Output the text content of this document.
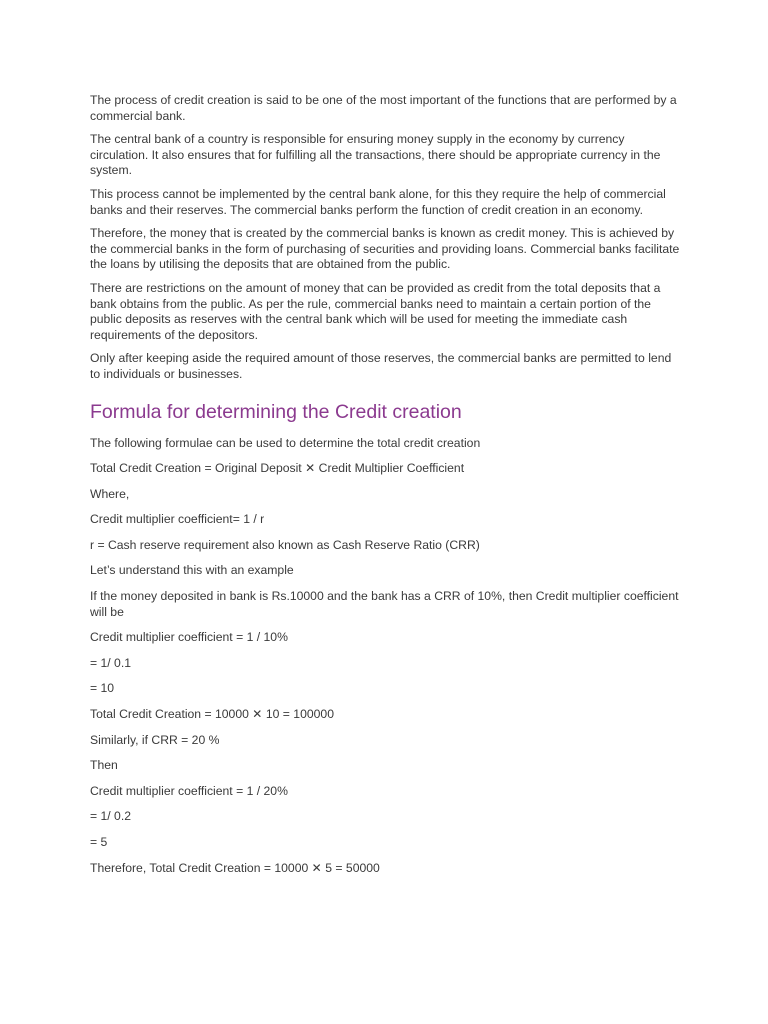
The process of credit creation is said to be one of the most important of the functions that are performed by a commercial bank.

The central bank of a country is responsible for ensuring money supply in the economy by currency circulation. It also ensures that for fulfilling all the transactions, there should be appropriate currency in the system.

This process cannot be implemented by the central bank alone, for this they require the help of commercial banks and their reserves. The commercial banks perform the function of credit creation in an economy.

Therefore, the money that is created by the commercial banks is known as credit money. This is achieved by the commercial banks in the form of purchasing of securities and providing loans. Commercial banks facilitate the loans by utilising the deposits that are obtained from the public.

There are restrictions on the amount of money that can be provided as credit from the total deposits that a bank obtains from the public. As per the rule, commercial banks need to maintain a certain portion of the public deposits as reserves with the central bank which will be used for meeting the immediate cash requirements of the depositors.

Only after keeping aside the required amount of those reserves, the commercial banks are permitted to lend to individuals or businesses.

Formula for determining the Credit creation

The following formulae can be used to determine the total credit creation

Total Credit Creation = Original Deposit ✕ Credit Multiplier Coefficient

Where,

Credit multiplier coefficient= 1 / r

r = Cash reserve requirement also known as Cash Reserve Ratio (CRR)

Let’s understand this with an example

If the money deposited in bank is Rs.10000 and the bank has a CRR of 10%, then Credit multiplier coefficient will be

Credit multiplier coefficient = 1 / 10%

= 1/ 0.1

= 10

Total Credit Creation = 10000 ✕ 10 = 100000

Similarly, if CRR = 20 %

Then

Credit multiplier coefficient = 1 / 20%

= 1/ 0.2

= 5

Therefore, Total Credit Creation = 10000 ✕ 5 = 50000
